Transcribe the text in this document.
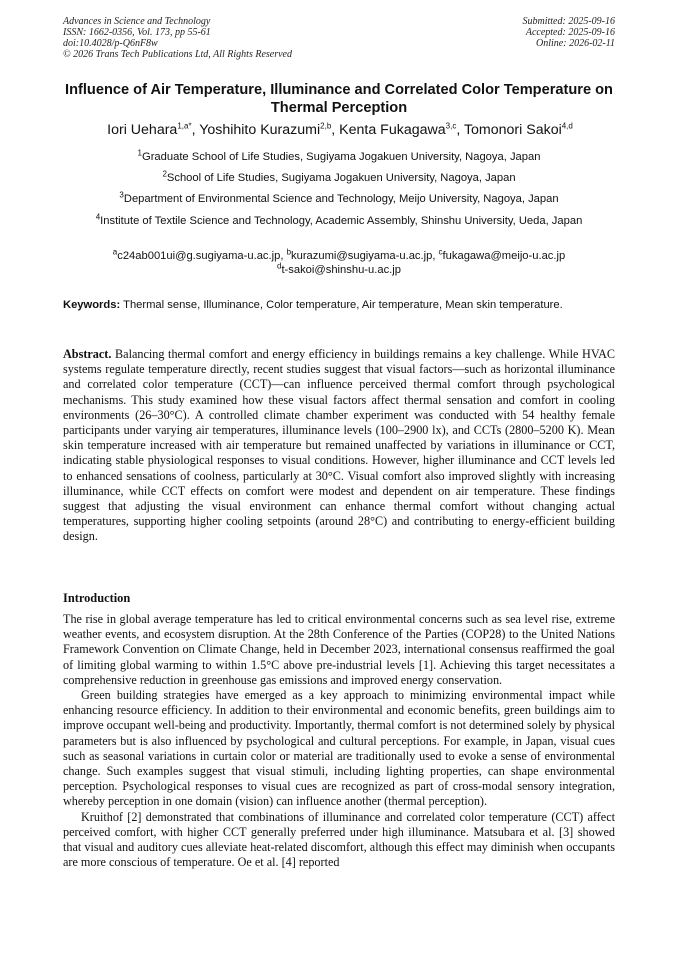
Advances in Science and Technology
ISSN: 1662-0356, Vol. 173, pp 55-61
doi:10.4028/p-Q6nF8w
© 2026 Trans Tech Publications Ltd, All Rights Reserved
Submitted: 2025-09-16
Accepted: 2025-09-16
Online: 2026-02-11
Influence of Air Temperature, Illuminance and Correlated Color Temperature on Thermal Perception
Iori Uehara$^{1,a*}$, Yoshihito Kurazumi$^{2,b}$, Kenta Fukagawa$^{3,c}$, Tomonori Sakoi$^{4,d}$
$^1$Graduate School of Life Studies, Sugiyama Jogakuen University, Nagoya, Japan
$^2$School of Life Studies, Sugiyama Jogakuen University, Nagoya, Japan
$^3$Department of Environmental Science and Technology, Meijo University, Nagoya, Japan
$^4$Institute of Textile Science and Technology, Academic Assembly, Shinshu University, Ueda, Japan
$^a$c24ab001ui@g.sugiyama-u.ac.jp, $^b$kurazumi@sugiyama-u.ac.jp, $^c$fukagawa@meijo-u.ac.jp
$^d$t-sakoi@shinshu-u.ac.jp
Keywords: Thermal sense, Illuminance, Color temperature, Air temperature, Mean skin temperature.
Abstract. Balancing thermal comfort and energy efficiency in buildings remains a key challenge. While HVAC systems regulate temperature directly, recent studies suggest that visual factors—such as horizontal illuminance and correlated color temperature (CCT)—can influence perceived thermal comfort through psychological mechanisms. This study examined how these visual factors affect thermal sensation and comfort in cooling environments (26–30°C). A controlled climate chamber experiment was conducted with 54 healthy female participants under varying air temperatures, illuminance levels (100–2900 lx), and CCTs (2800–5200 K). Mean skin temperature increased with air temperature but remained unaffected by variations in illuminance or CCT, indicating stable physiological responses to visual conditions. However, higher illuminance and CCT levels led to enhanced sensations of coolness, particularly at 30°C. Visual comfort also improved slightly with increasing illuminance, while CCT effects on comfort were modest and dependent on air temperature. These findings suggest that adjusting the visual environment can enhance thermal comfort without changing actual temperatures, supporting higher cooling setpoints (around 28°C) and contributing to energy-efficient building design.
Introduction

The rise in global average temperature has led to critical environmental concerns such as sea level rise, extreme weather events, and ecosystem disruption. At the 28th Conference of the Parties (COP28) to the United Nations Framework Convention on Climate Change, held in December 2023, international consensus reaffirmed the goal of limiting global warming to within 1.5°C above pre-industrial levels [1]. Achieving this target necessitates a comprehensive reduction in greenhouse gas emissions and improved energy conservation.

Green building strategies have emerged as a key approach to minimizing environmental impact while enhancing resource efficiency. In addition to their environmental and economic benefits, green buildings aim to improve occupant well-being and productivity. Importantly, thermal comfort is not determined solely by physical parameters but is also influenced by psychological and cultural perceptions. For example, in Japan, visual cues such as seasonal variations in curtain color or material are traditionally used to evoke a sense of environmental change. Such examples suggest that visual stimuli, including lighting properties, can shape environmental perception. Psychological responses to visual cues are recognized as part of cross-modal sensory integration, whereby perception in one domain (vision) can influence another (thermal perception).

Kruithof [2] demonstrated that combinations of illuminance and correlated color temperature (CCT) affect perceived comfort, with higher CCT generally preferred under high illuminance. Matsubara et al. [3] showed that visual and auditory cues alleviate heat-related discomfort, although this effect may diminish when occupants are more conscious of temperature. Oe et al. [4] reported
